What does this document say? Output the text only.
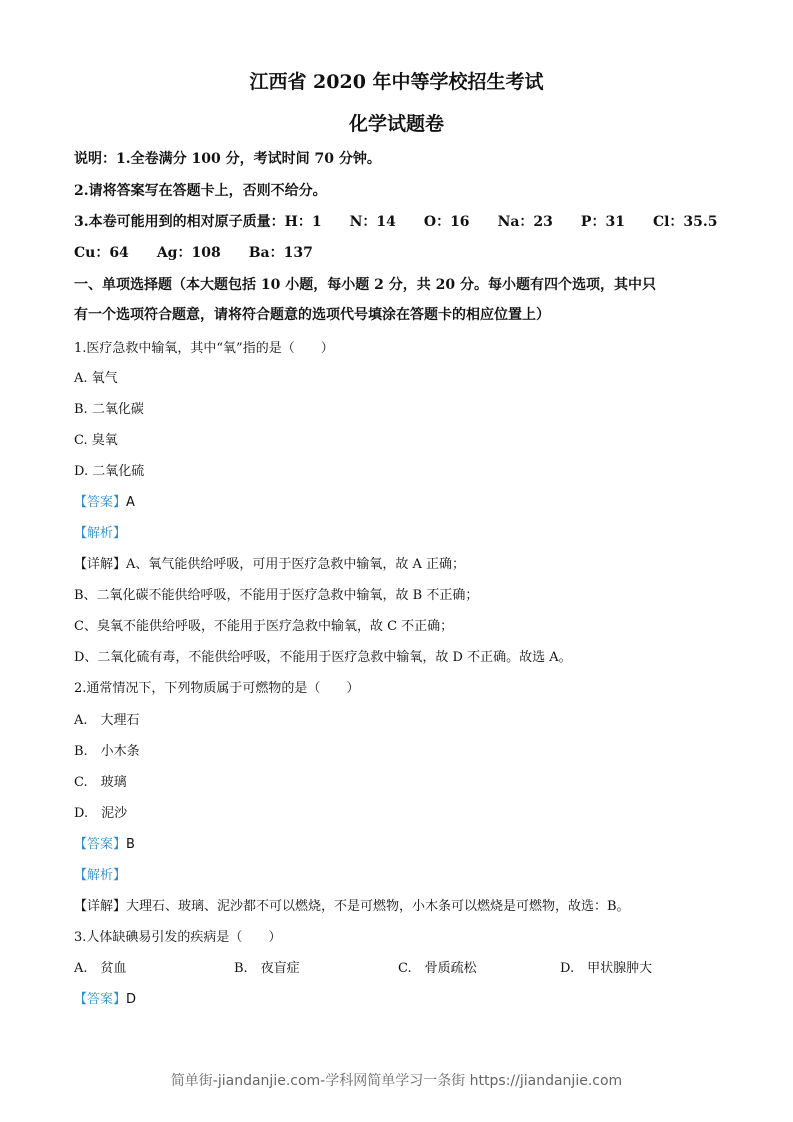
江西省 2020 年中等学校招生考试
化学试题卷
说明：1.全卷满分 100 分，考试时间 70 分钟。
2.请将答案写在答题卡上，否则不给分。
3.本卷可能用到的相对原子质量：H：1 N：14 O：16 Na：23 P：31 Cl：35.5
Cu：64 Ag：108 Ba：137
一、单项选择题（本大题包括 10 小题，每小题 2 分，共 20 分。每小题有四个选项，其中只
有一个选项符合题意，请将符合题意的选项代号填涂在答题卡的相应位置上）
1.医疗急救中输氧，其中“氧”指的是（　　）
A. 氧气
B. 二氧化碳
C. 臭氧
D. 二氧化硫
【答案】A
【解析】
【详解】A、氧气能供给呼吸，可用于医疗急救中输氧，故 A 正确；
B、二氧化碳不能供给呼吸，不能用于医疗急救中输氧，故 B 不正确；
C、臭氧不能供给呼吸，不能用于医疗急救中输氧，故 C 不正确；
D、二氧化硫有毒，不能供给呼吸，不能用于医疗急救中输氧，故 D 不正确。故选 A。
2.通常情况下，下列物质属于可燃物的是（　　）
A.　大理石
B.　小木条
C.　玻璃
D.　泥沙
【答案】B
【解析】
【详解】大理石、玻璃、泥沙都不可以燃烧，不是可燃物，小木条可以燃烧是可燃物，故选：B。
3.人体缺碘易引发的疾病是（　　）
A.　贫血	B.　夜盲症	C.　骨质疏松	D.　甲状腺肿大
【答案】D
简单街-jiandanjie.com-学科网简单学习一条街 https://jiandanjie.com
